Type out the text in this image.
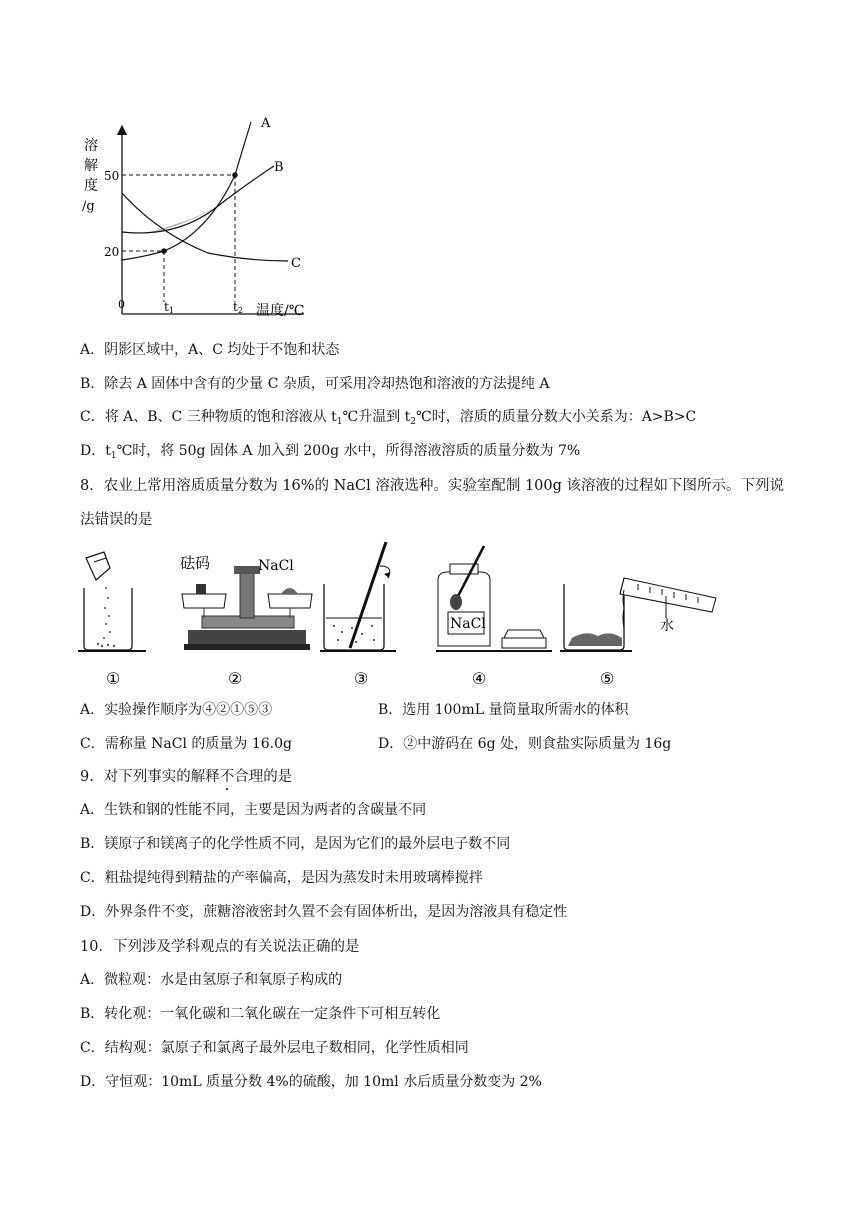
溶
解
度
/g
50
20
0	t1	t2 温度/℃
A
B
C
A．阴影区域中，A、C 均处于不饱和状态
B．除去 A 固体中含有的少量 C 杂质，可采用冷却热饱和溶液的方法提纯 A
C．将 A、B、C 三种物质的饱和溶液从 $t_1℃$升温到 $t_2℃$时，溶质的质量分数大小关系为：A>B>C
D．$t_1℃$时，将 50g 固体 A 加入到 200g 水中，所得溶液溶质的质量分数为 7%
8．农业上常用溶质质量分数为 16%的 NaCl 溶液选种。实验室配制 100g 该溶液的过程如下图所示。下列说
法错误的是
砝码	NaCl
NaCl	水
①	②	③	④	⑤
A．实验操作顺序为④②①⑤③	B．选用 100mL 量筒量取所需水的体积
C．需称量 NaCl 的质量为 16.0g	D．②中游码在 6g 处，则食盐实际质量为 16g
9．对下列事实的解释不合理的是
A．生铁和钢的性能不同，主要是因为两者的含碳量不同
B．镁原子和镁离子的化学性质不同，是因为它们的最外层电子数不同
C．粗盐提纯得到精盐的产率偏高，是因为蒸发时未用玻璃棒搅拌
D．外界条件不变，蔗糖溶液密封久置不会有固体析出，是因为溶液具有稳定性
10．下列涉及学科观点的有关说法正确的是
A．微粒观：水是由氢原子和氧原子构成的
B．转化观：一氧化碳和二氧化碳在一定条件下可相互转化
C．结构观：氯原子和氯离子最外层电子数相同，化学性质相同
D．守恒观：10mL 质量分数 4%的硫酸，加 10ml 水后质量分数变为 2%
